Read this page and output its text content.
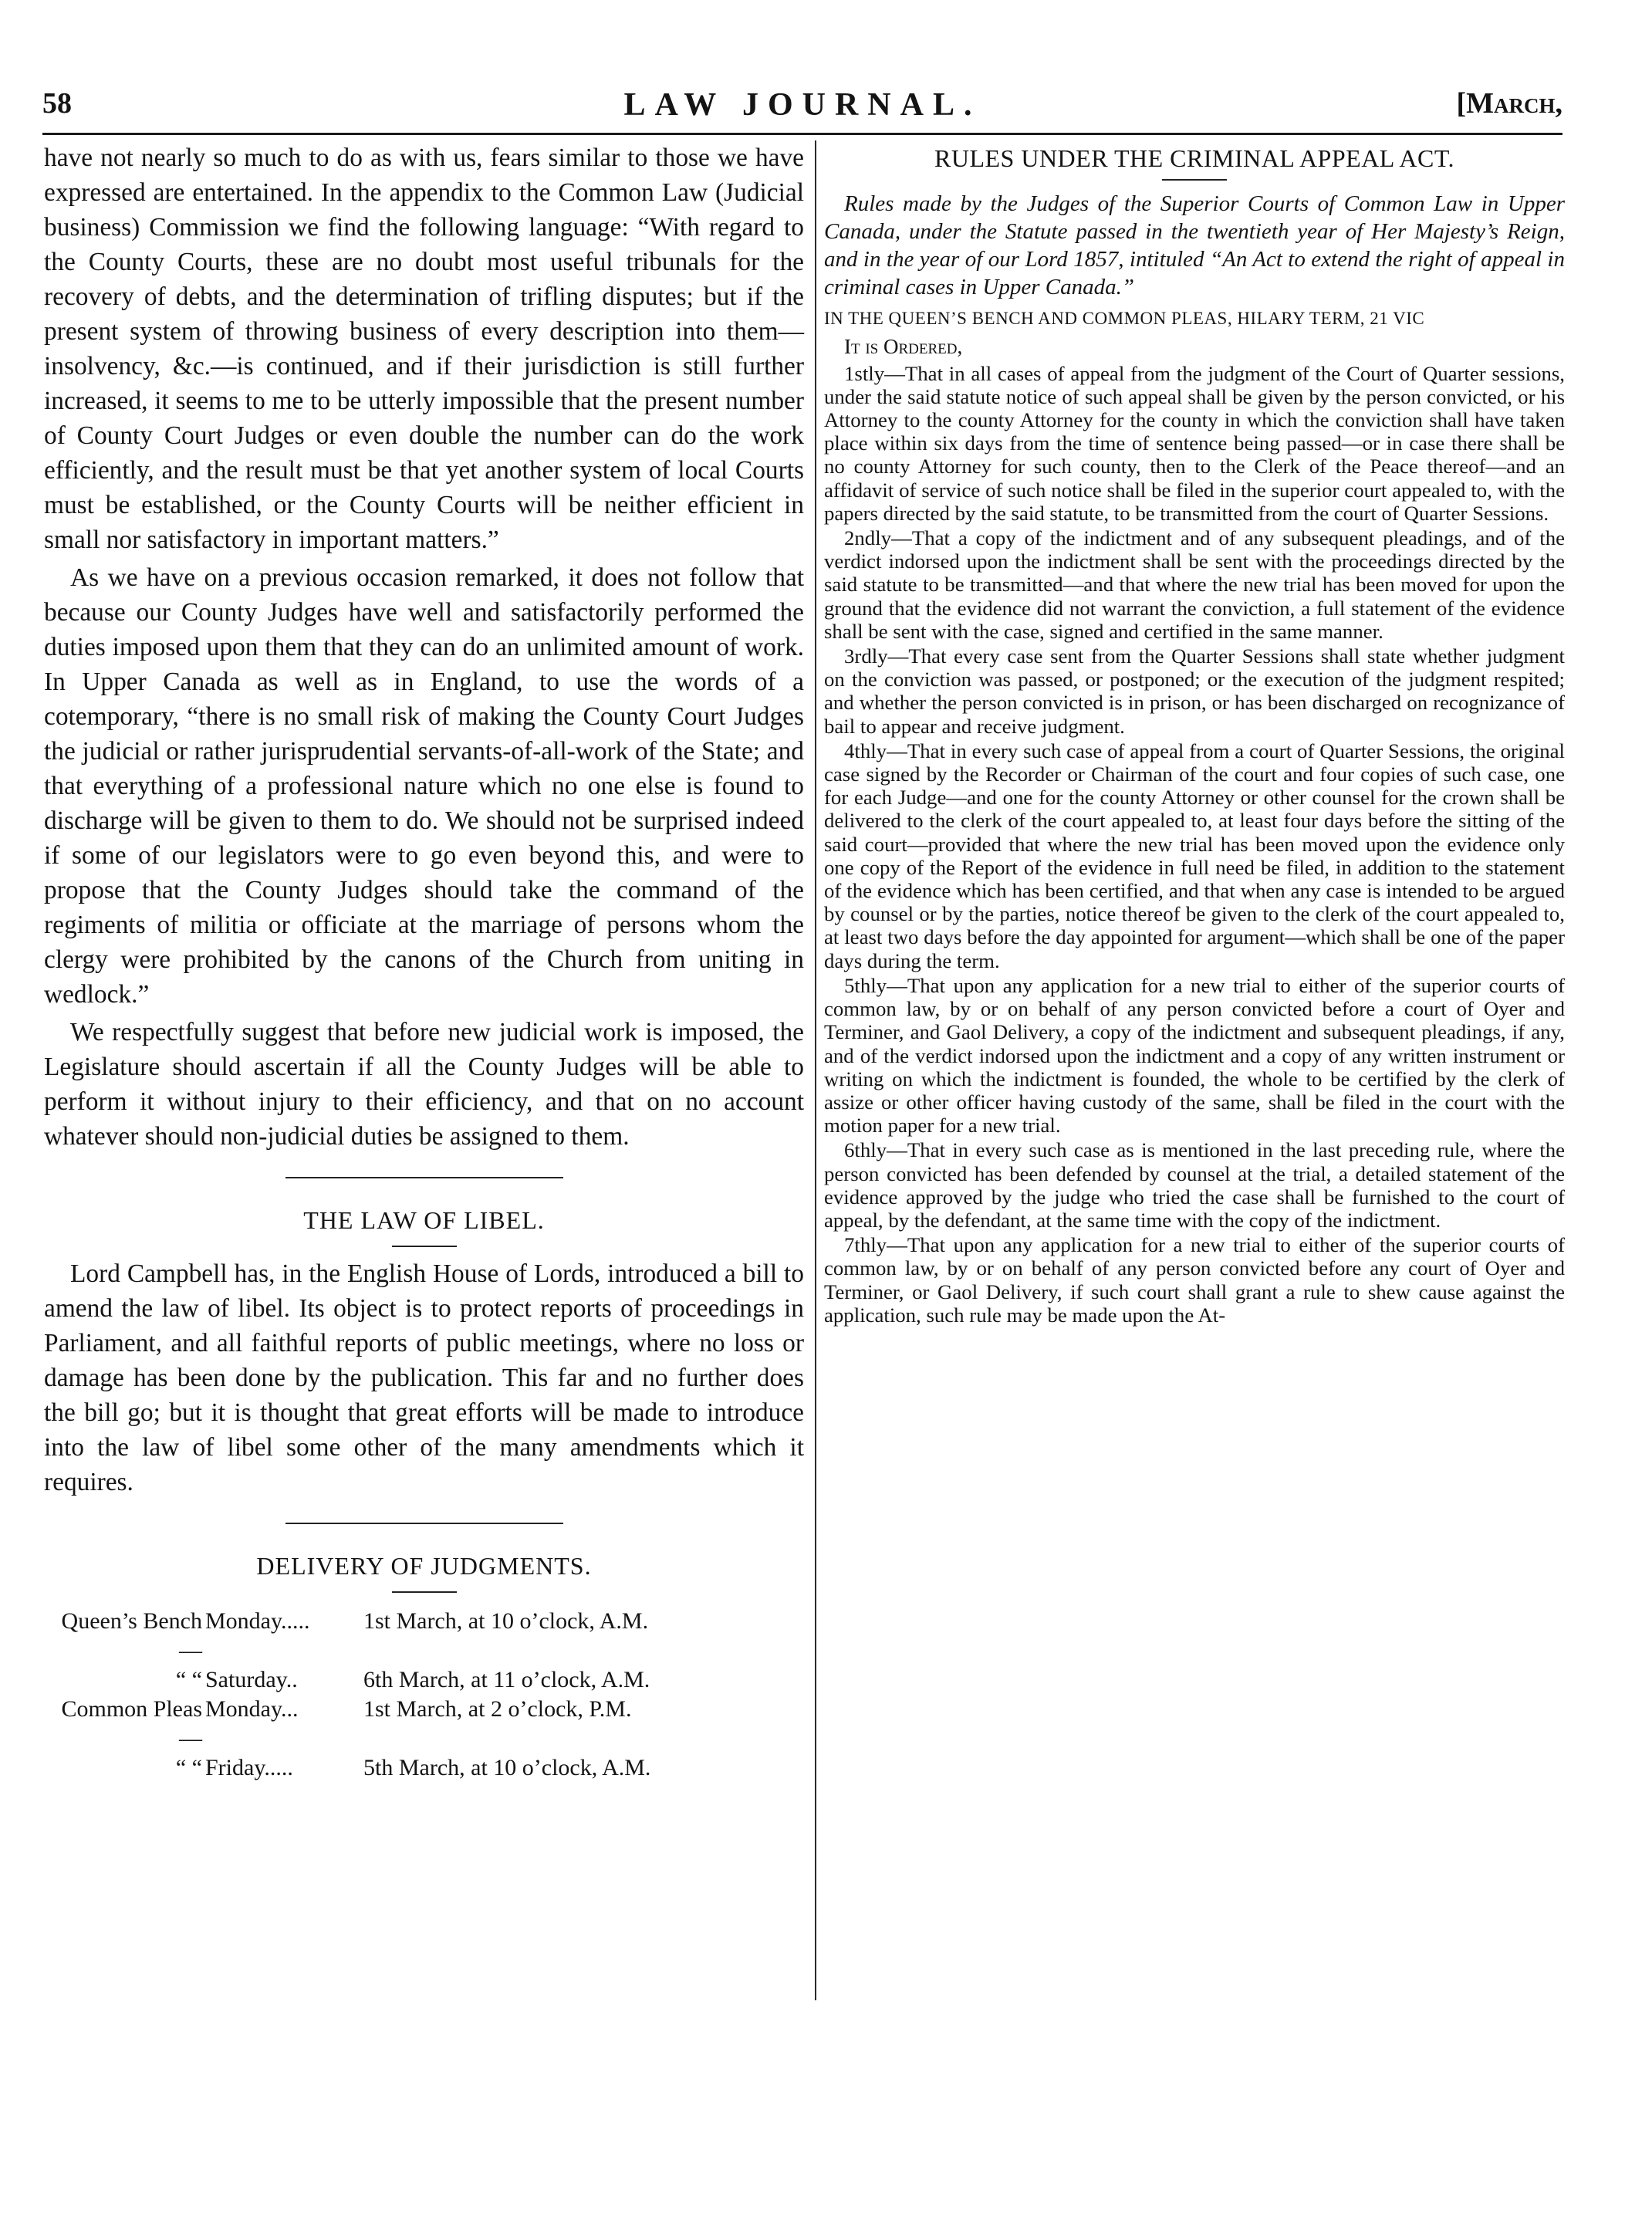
58	LAW JOURNAL.	[March,

have not nearly so much to do as with us, fears similar to those we have expressed are entertained. In the appendix to the Common Law (Judicial business) Commission we find the following language: “With regard to the County Courts, these are no doubt most useful tribunals for the recovery of debts, and the determination of trifling disputes; but if the present system of throwing business of every description into them—insolvency, &c.—is continued, and if their jurisdiction is still further increased, it seems to me to be utterly impossible that the present number of County Court Judges or even double the number can do the work efficiently, and the result must be that yet another system of local Courts must be established, or the County Courts will be neither efficient in small nor satisfactory in important matters.”

As we have on a previous occasion remarked, it does not follow that because our County Judges have well and satisfactorily performed the duties imposed upon them that they can do an unlimited amount of work. In Upper Canada as well as in England, to use the words of a cotemporary, “there is no small risk of making the County Court Judges the judicial or rather jurisprudential servants-of-all-work of the State; and that everything of a professional nature which no one else is found to discharge will be given to them to do. We should not be surprised indeed if some of our legislators were to go even beyond this, and were to propose that the County Judges should take the command of the regiments of militia or officiate at the marriage of persons whom the clergy were prohibited by the canons of the Church from uniting in wedlock.”

We respectfully suggest that before new judicial work is imposed, the Legislature should ascertain if all the County Judges will be able to perform it without injury to their efficiency, and that on no account whatever should non-judicial duties be assigned to them.

THE LAW OF LIBEL.

Lord Campbell has, in the English House of Lords, introduced a bill to amend the law of libel. Its object is to protect reports of proceedings in Parliament, and all faithful reports of public meetings, where no loss or damage has been done by the publication. This far and no further does the bill go; but it is thought that great efforts will be made to introduce into the law of libel some other of the many amendments which it requires.

DELIVERY OF JUDGMENTS.
Queen’s Bench—
Monday.....	1st March, at 10 o’clock, A.M.
“ “ Saturday..	6th March, at 11 o’clock, A.M.
Common Pleas—
Monday...	1st March, at 2 o’clock, P.M.
“ “ Friday.....	5th March, at 10 o’clock, A.M.
RULES UNDER THE CRIMINAL APPEAL ACT.

Rules made by the Judges of the Superior Courts of Common Law in Upper Canada, under the Statute passed in the twentieth year of Her Majesty’s Reign, and in the year of our Lord 1857, intituled “An Act to extend the right of appeal in criminal cases in Upper Canada.”

IN THE QUEEN’S BENCH AND COMMON PLEAS, HILARY TERM, 21 VIC
It is Ordered,

1stly—That in all cases of appeal from the judgment of the Court of Quarter sessions, under the said statute notice of such appeal shall be given by the person convicted, or his Attorney to the county Attorney for the county in which the conviction shall have taken place within six days from the time of sentence being passed—or in case there shall be no county Attorney for such county, then to the Clerk of the Peace thereof—and an affidavit of service of such notice shall be filed in the superior court appealed to, with the papers directed by the said statute, to be transmitted from the court of Quarter Sessions.

2ndly—That a copy of the indictment and of any subsequent pleadings, and of the verdict indorsed upon the indictment shall be sent with the proceedings directed by the said statute to be transmitted—and that where the new trial has been moved for upon the ground that the evidence did not warrant the conviction, a full statement of the evidence shall be sent with the case, signed and certified in the same manner.

3rdly—That every case sent from the Quarter Sessions shall state whether judgment on the conviction was passed, or postponed; or the execution of the judgment respited; and whether the person convicted is in prison, or has been discharged on recognizance of bail to appear and receive judgment.

4thly—That in every such case of appeal from a court of Quarter Sessions, the original case signed by the Recorder or Chairman of the court and four copies of such case, one for each Judge—and one for the county Attorney or other counsel for the crown shall be delivered to the clerk of the court appealed to, at least four days before the sitting of the said court—provided that where the new trial has been moved upon the evidence only one copy of the Report of the evidence in full need be filed, in addition to the statement of the evidence which has been certified, and that when any case is intended to be argued by counsel or by the parties, notice thereof be given to the clerk of the court appealed to, at least two days before the day appointed for argument—which shall be one of the paper days during the term.

5thly—That upon any application for a new trial to either of the superior courts of common law, by or on behalf of any person convicted before a court of Oyer and Terminer, and Gaol Delivery, a copy of the indictment and subsequent pleadings, if any, and of the verdict indorsed upon the indictment and a copy of any written instrument or writing on which the indictment is founded, the whole to be certified by the clerk of assize or other officer having custody of the same, shall be filed in the court with the motion paper for a new trial.

6thly—That in every such case as is mentioned in the last preceding rule, where the person convicted has been defended by counsel at the trial, a detailed statement of the evidence approved by the judge who tried the case shall be furnished to the court of appeal, by the defendant, at the same time with the copy of the indictment.

7thly—That upon any application for a new trial to either of the superior courts of common law, by or on behalf of any person convicted before any court of Oyer and Terminer, or Gaol Delivery, if such court shall grant a rule to shew cause against the application, such rule may be made upon the At-
